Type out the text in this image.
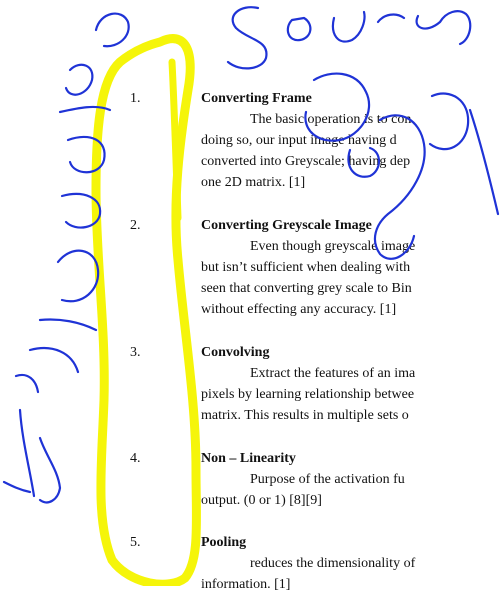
1.	Converting Frame
The basic operation is to con
doing so, our input image having d
converted into Greyscale; having dep
one 2D matrix. [1]
2.	Converting Greyscale Image
Even though greyscale image
but isn’t sufficient when dealing with
seen that converting grey scale to Bin
without effecting any accuracy. [1]
3.	Convolving
Extract the features of an ima
pixels by learning relationship betwee
matrix. This results in multiple sets o
4.	Non – Linearity
Purpose of the activation fu
output. (0 or 1) [8][9]
5.	Pooling
reduces the dimensionality of
information. [1]
